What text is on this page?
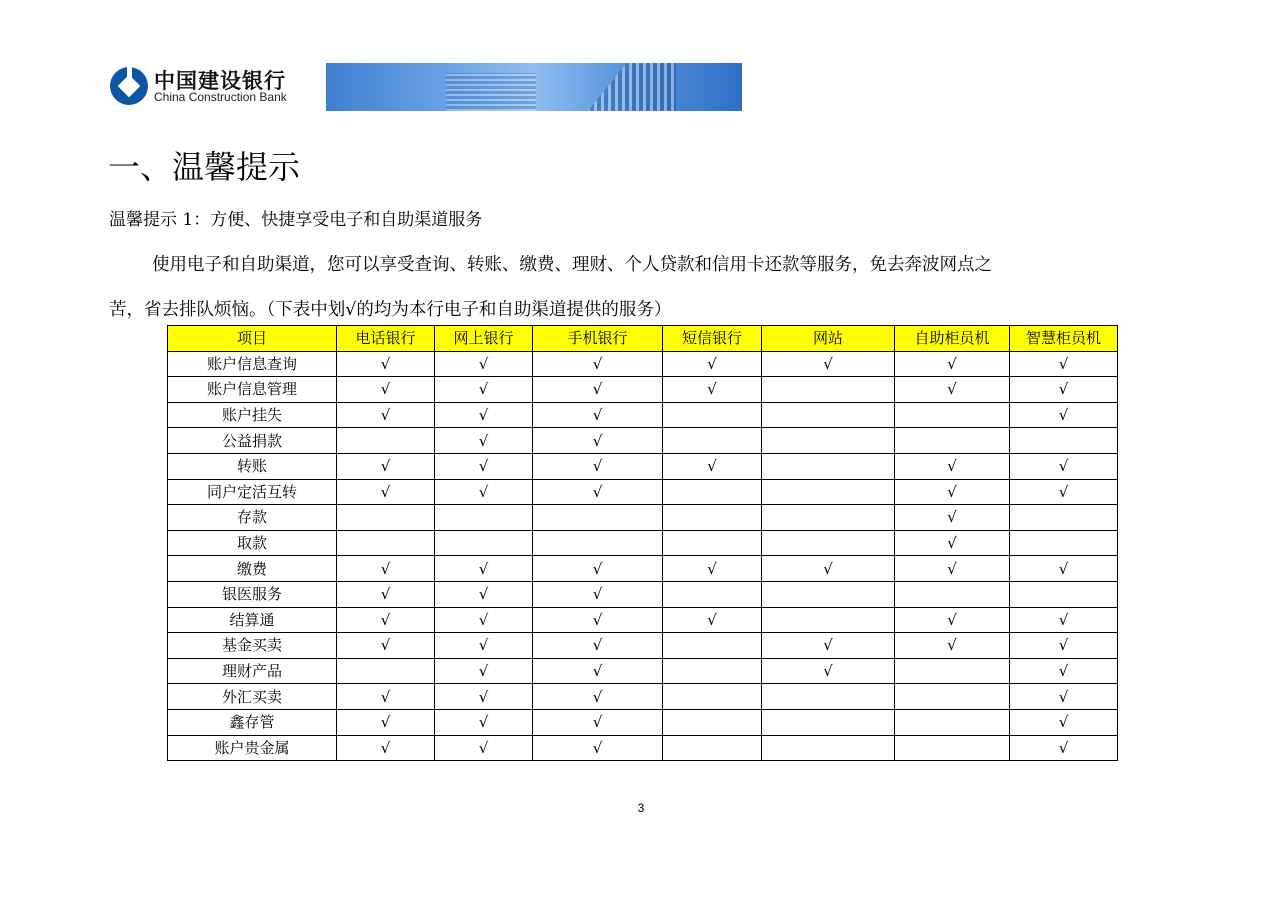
中国建设银行
China Construction Bank
一、温馨提示
温馨提示 1：方便、快捷享受电子和自助渠道服务
使用电子和自助渠道，您可以享受查询、转账、缴费、理财、个人贷款和信用卡还款等服务，免去奔波网点之
苦，省去排队烦恼。（下表中划√的均为本行电子和自助渠道提供的服务）
项目	电话银行	网上银行	手机银行	短信银行	网站	自助柜员机	智慧柜员机
账户信息查询	√	√	√	√	√	√	√
账户信息管理	√	√	√	√		√	√
账户挂失	√	√	√				√
公益捐款		√	√				
转账	√	√	√	√		√	√
同户定活互转	√	√	√			√	√
存款						√	
取款						√	
缴费	√	√	√	√	√	√	√
银医服务	√	√	√				
结算通	√	√	√	√		√	√
基金买卖	√	√	√		√	√	√
理财产品		√	√		√		√
外汇买卖	√	√	√				√
鑫存管	√	√	√				√
账户贵金属	√	√	√				√
3
